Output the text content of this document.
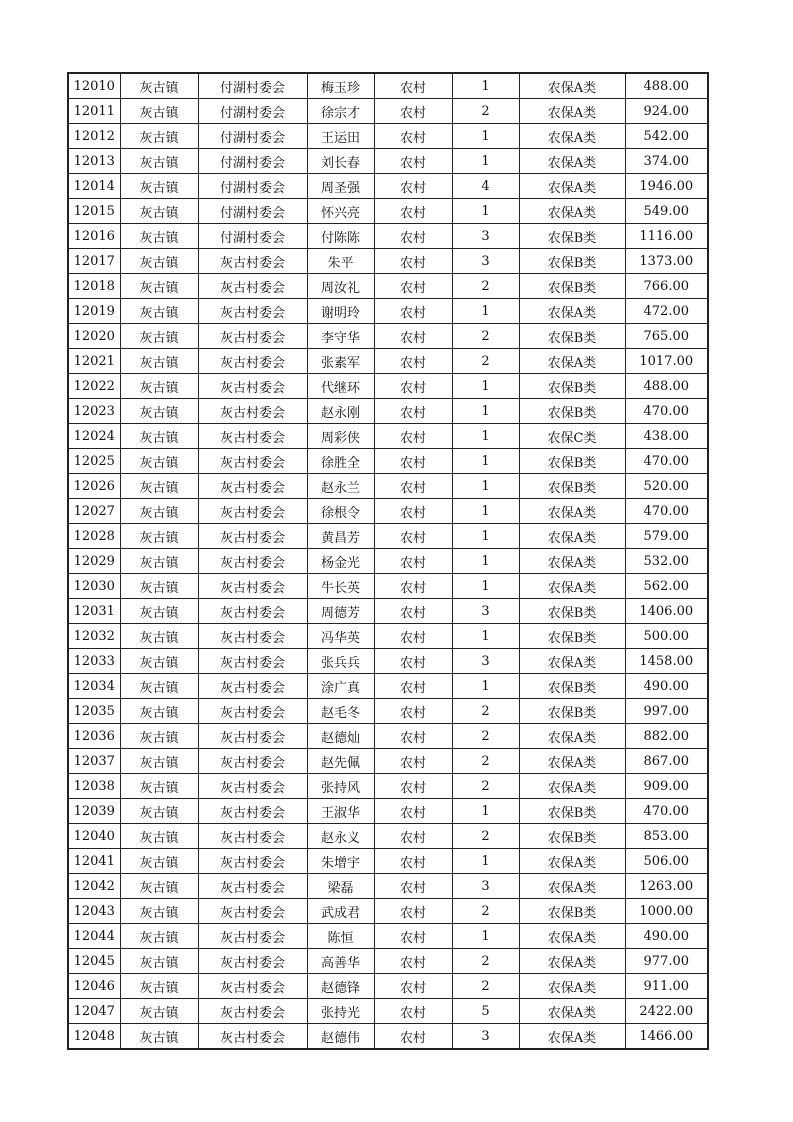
12010	灰古镇	付湖村委会	梅玉珍	农村	1	农保A类	488.00
12011	灰古镇	付湖村委会	徐宗才	农村	2	农保A类	924.00
12012	灰古镇	付湖村委会	王运田	农村	1	农保A类	542.00
12013	灰古镇	付湖村委会	刘长春	农村	1	农保A类	374.00
12014	灰古镇	付湖村委会	周圣强	农村	4	农保A类	1946.00
12015	灰古镇	付湖村委会	怀兴亮	农村	1	农保A类	549.00
12016	灰古镇	付湖村委会	付陈陈	农村	3	农保B类	1116.00
12017	灰古镇	灰古村委会	朱平	农村	3	农保B类	1373.00
12018	灰古镇	灰古村委会	周汝礼	农村	2	农保B类	766.00
12019	灰古镇	灰古村委会	谢明玲	农村	1	农保A类	472.00
12020	灰古镇	灰古村委会	李守华	农村	2	农保B类	765.00
12021	灰古镇	灰古村委会	张素军	农村	2	农保A类	1017.00
12022	灰古镇	灰古村委会	代继环	农村	1	农保B类	488.00
12023	灰古镇	灰古村委会	赵永刚	农村	1	农保B类	470.00
12024	灰古镇	灰古村委会	周彩侠	农村	1	农保C类	438.00
12025	灰古镇	灰古村委会	徐胜全	农村	1	农保B类	470.00
12026	灰古镇	灰古村委会	赵永兰	农村	1	农保B类	520.00
12027	灰古镇	灰古村委会	徐根令	农村	1	农保A类	470.00
12028	灰古镇	灰古村委会	黄昌芳	农村	1	农保A类	579.00
12029	灰古镇	灰古村委会	杨金光	农村	1	农保A类	532.00
12030	灰古镇	灰古村委会	牛长英	农村	1	农保A类	562.00
12031	灰古镇	灰古村委会	周德芳	农村	3	农保B类	1406.00
12032	灰古镇	灰古村委会	冯华英	农村	1	农保B类	500.00
12033	灰古镇	灰古村委会	张兵兵	农村	3	农保A类	1458.00
12034	灰古镇	灰古村委会	涂广真	农村	1	农保B类	490.00
12035	灰古镇	灰古村委会	赵毛冬	农村	2	农保B类	997.00
12036	灰古镇	灰古村委会	赵德灿	农村	2	农保A类	882.00
12037	灰古镇	灰古村委会	赵先佩	农村	2	农保A类	867.00
12038	灰古镇	灰古村委会	张持风	农村	2	农保A类	909.00
12039	灰古镇	灰古村委会	王淑华	农村	1	农保B类	470.00
12040	灰古镇	灰古村委会	赵永义	农村	2	农保B类	853.00
12041	灰古镇	灰古村委会	朱增宇	农村	1	农保A类	506.00
12042	灰古镇	灰古村委会	梁磊	农村	3	农保A类	1263.00
12043	灰古镇	灰古村委会	武成君	农村	2	农保B类	1000.00
12044	灰古镇	灰古村委会	陈恒	农村	1	农保A类	490.00
12045	灰古镇	灰古村委会	高善华	农村	2	农保A类	977.00
12046	灰古镇	灰古村委会	赵德锋	农村	2	农保A类	911.00
12047	灰古镇	灰古村委会	张持光	农村	5	农保A类	2422.00
12048	灰古镇	灰古村委会	赵德伟	农村	3	农保A类	1466.00
